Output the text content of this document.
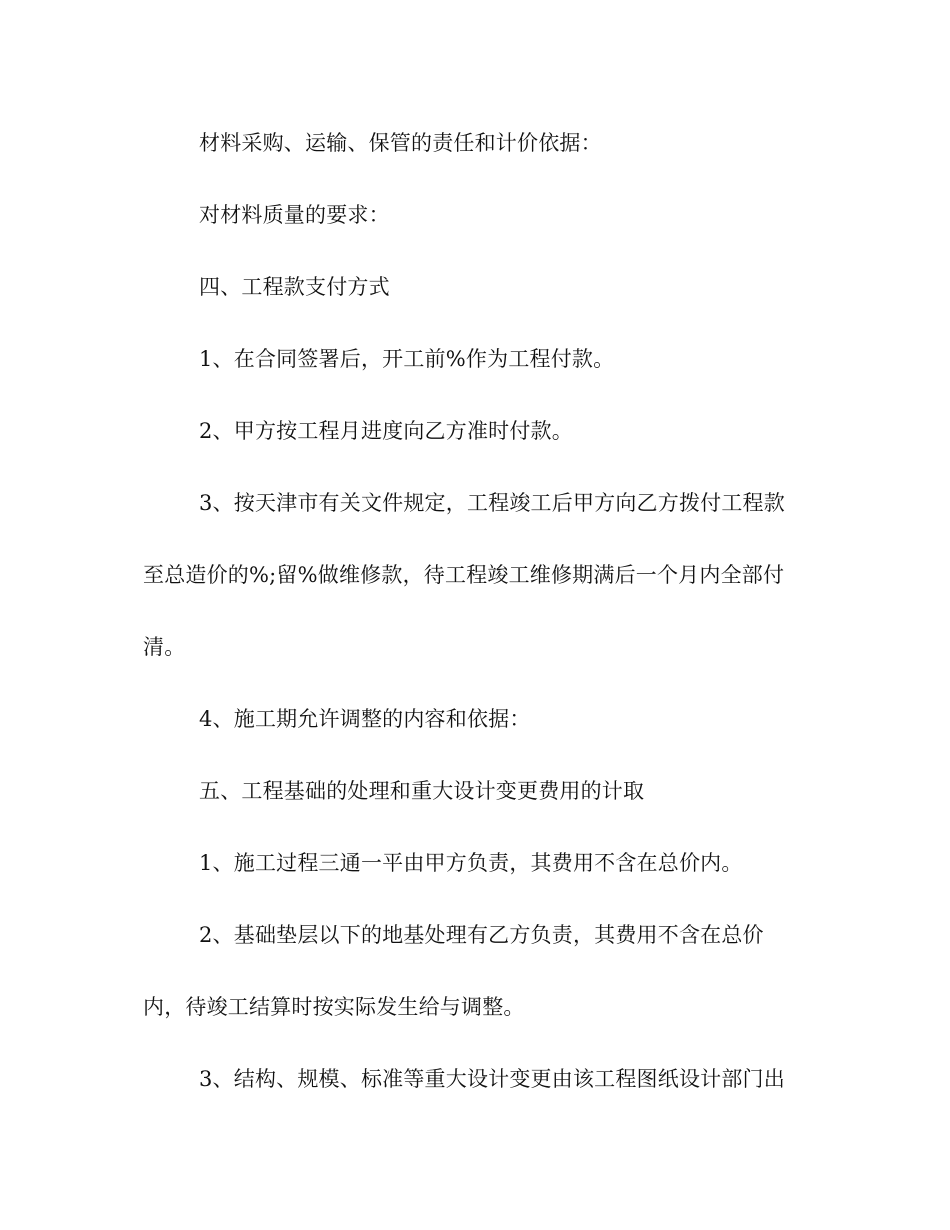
材料采购、运输、保管的责任和计价依据：

对材料质量的要求：

四、工程款支付方式

1、在合同签署后，开工前%作为工程付款。

2、甲方按工程月进度向乙方准时付款。

3、按天津市有关文件规定，工程竣工后甲方向乙方拨付工程款至总造价的%;留%做维修款，待工程竣工维修期满后一个月内全部付清。

4、施工期允许调整的内容和依据：

五、工程基础的处理和重大设计变更费用的计取

1、施工过程三通一平由甲方负责，其费用不含在总价内。

2、基础垫层以下的地基处理有乙方负责，其费用不含在总价内，待竣工结算时按实际发生给与调整。

3、结构、规模、标准等重大设计变更由该工程图纸设计部门出
